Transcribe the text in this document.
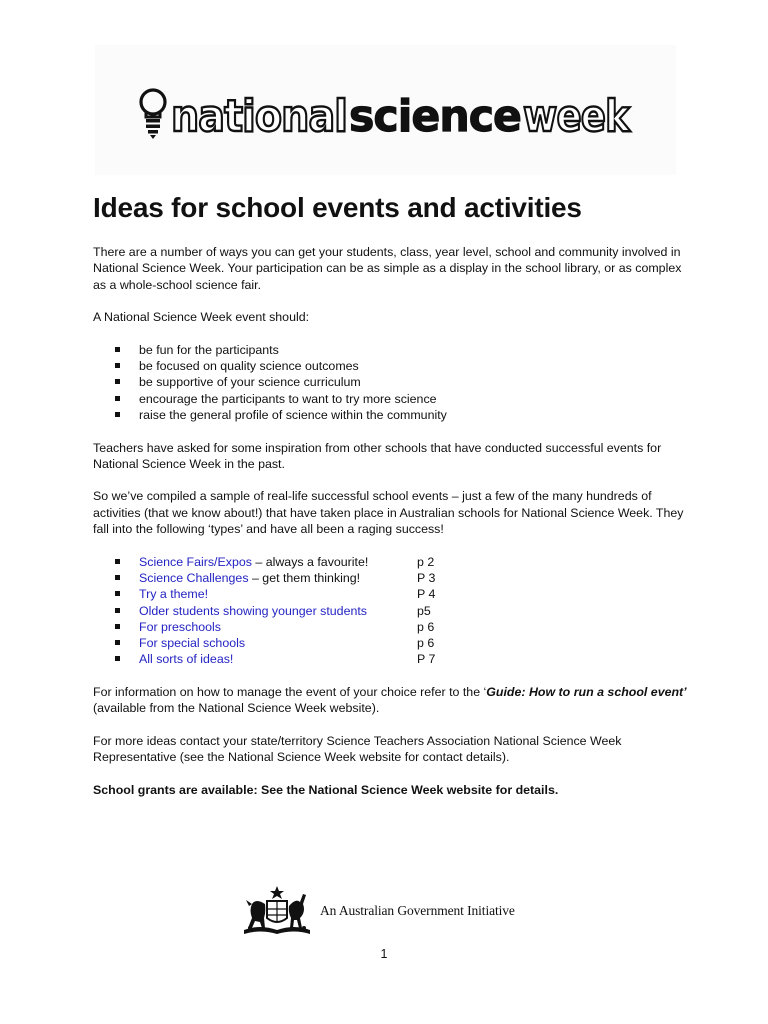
national science week
Ideas for school events and activities

There are a number of ways you can get your students, class, year level, school and community involved in National Science Week. Your participation can be as simple as a display in the school library, or as complex as a whole-school science fair.

A National Science Week event should:

be fun for the participants
be focused on quality science outcomes
be supportive of your science curriculum
encourage the participants to want to try more science
raise the general profile of science within the community

Teachers have asked for some inspiration from other schools that have conducted successful events for National Science Week in the past.

So we’ve compiled a sample of real-life successful school events – just a few of the many hundreds of activities (that we know about!) that have taken place in Australian schools for National Science Week. They fall into the following ‘types’ and have all been a raging success!

Science Fairs/Expos – always a favourite!	p 2
Science Challenges – get them thinking!	P 3
Try a theme!	P 4
Older students showing younger students	p5
For preschools	p 6
For special schools	p 6
All sorts of ideas!	P 7

For information on how to manage the event of your choice refer to the ‘Guide: How to run a school event’ (available from the National Science Week website).

For more ideas contact your state/territory Science Teachers Association National Science Week Representative (see the National Science Week website for contact details).

School grants are available: See the National Science Week website for details.

An Australian Government Initiative
1
